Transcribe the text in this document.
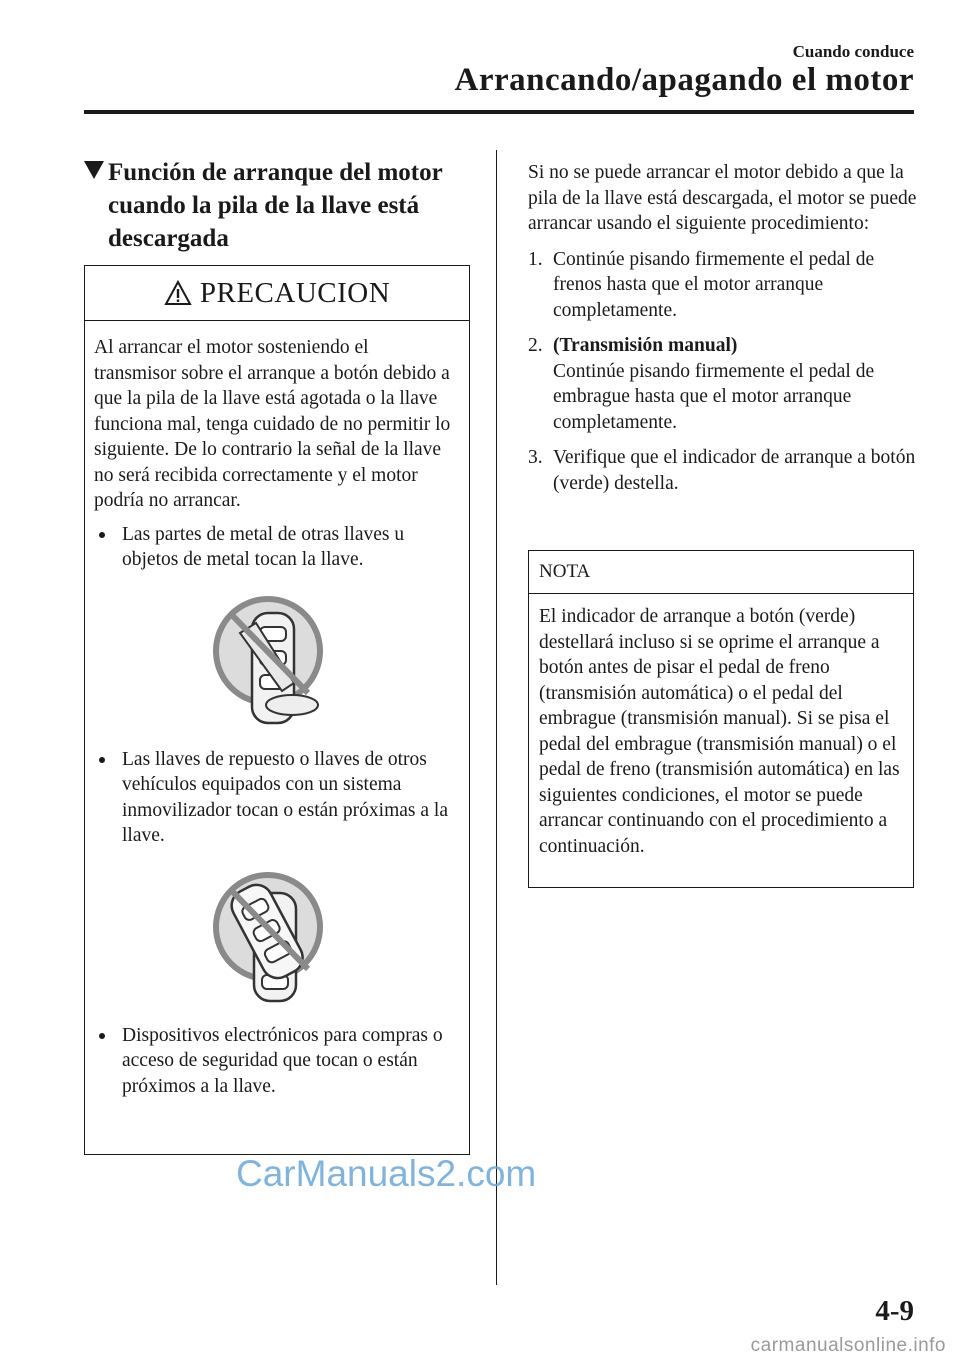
Cuando conduce
Arrancando/apagando el motor
Función de arranque del motor cuando la pila de la llave está descargada
PRECAUCION
Al arrancar el motor sosteniendo el transmisor sobre el arranque a botón debido a que la pila de la llave está agotada o la llave funciona mal, tenga cuidado de no permitir lo siguiente. De lo contrario la señal de la llave no será recibida correctamente y el motor podría no arrancar.
Las partes de metal de otras llaves u objetos de metal tocan la llave.
Las llaves de repuesto o llaves de otros vehículos equipados con un sistema inmovilizador tocan o están próximas a la llave.
Dispositivos electrónicos para compras o acceso de seguridad que tocan o están próximos a la llave.
Si no se puede arrancar el motor debido a que la pila de la llave está descargada, el motor se puede arrancar usando el siguiente procedimiento:
1. Continúe pisando firmemente el pedal de frenos hasta que el motor arranque completamente.
2. (Transmisión manual)
Continúe pisando firmemente el pedal de embrague hasta que el motor arranque completamente.
3. Verifique que el indicador de arranque a botón (verde) destella.
NOTA
El indicador de arranque a botón (verde) destellará incluso si se oprime el arranque a botón antes de pisar el pedal de freno (transmisión automática) o el pedal del embrague (transmisión manual). Si se pisa el pedal del embrague (transmisión manual) o el pedal de freno (transmisión automática) en las siguientes condiciones, el motor se puede arrancar continuando con el procedimiento a continuación.
CarManuals2.com
4-9
carmanualsonline.info
